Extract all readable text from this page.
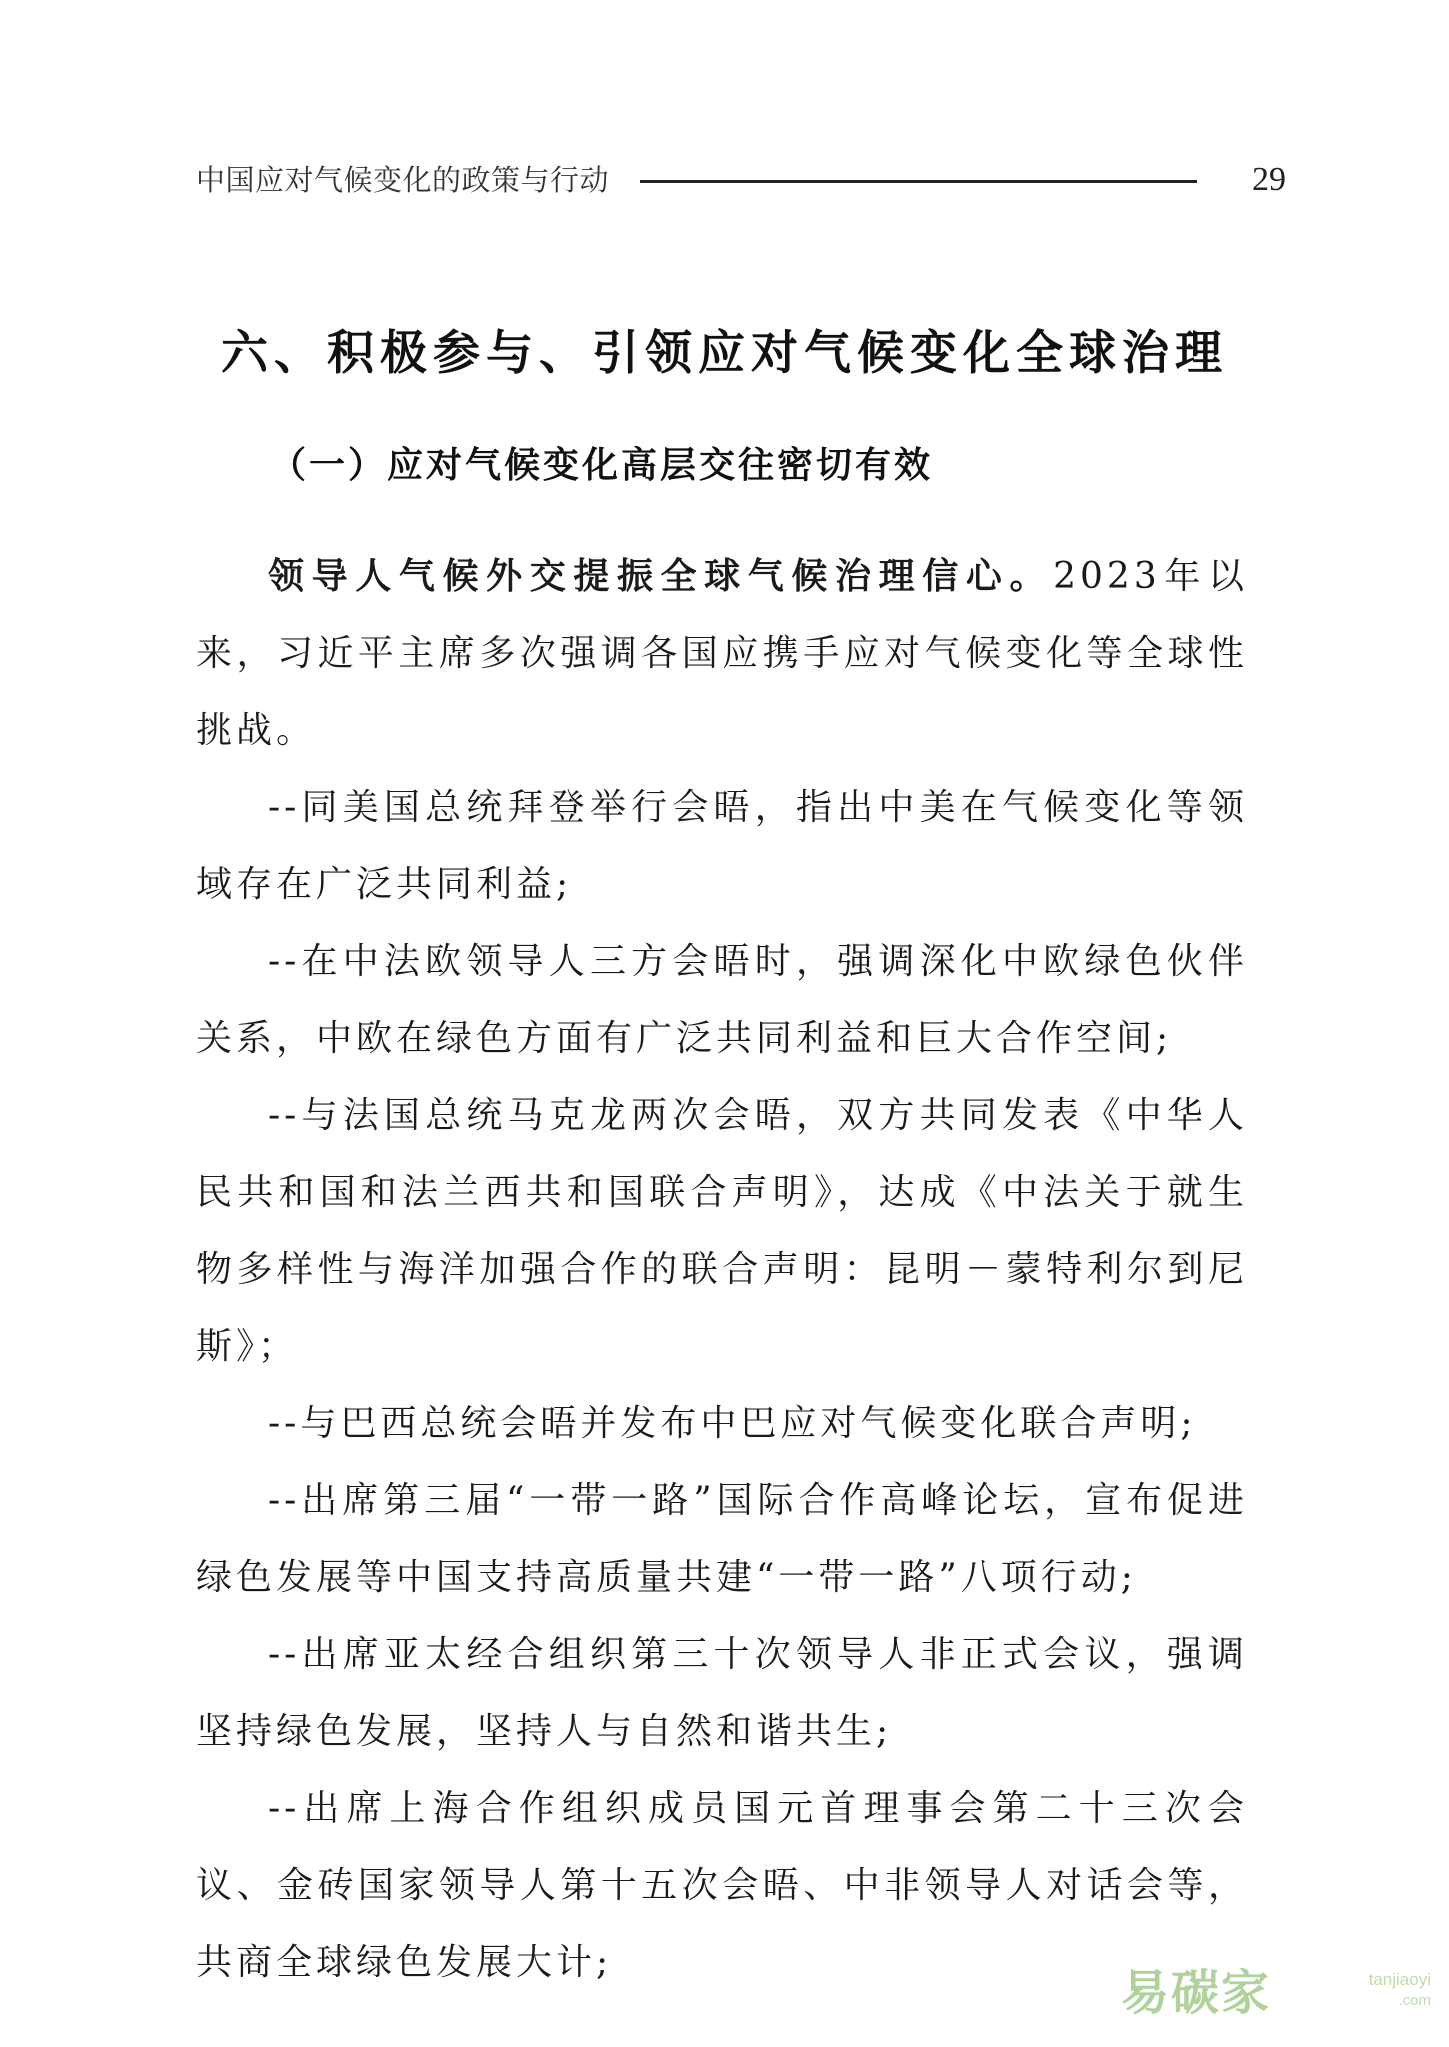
中国应对气候变化的政策与行动	29
六、积极参与、引领应对气候变化全球治理
（一）应对气候变化高层交往密切有效

领导人气候外交提振全球气候治理信心。2023年以来，习近平主席多次强调各国应携手应对气候变化等全球性挑战。

--同美国总统拜登举行会晤，指出中美在气候变化等领域存在广泛共同利益;

--在中法欧领导人三方会晤时，强调深化中欧绿色伙伴关系，中欧在绿色方面有广泛共同利益和巨大合作空间;

--与法国总统马克龙两次会晤，双方共同发表《中华人民共和国和法兰西共和国联合声明》，达成《中法关于就生物多样性与海洋加强合作的联合声明：昆明－蒙特利尔到尼斯》；

--与巴西总统会晤并发布中巴应对气候变化联合声明;

--出席第三届“一带一路”国际合作高峰论坛，宣布促进绿色发展等中国支持高质量共建“一带一路”八项行动;

--出席亚太经合组织第三十次领导人非正式会议，强调坚持绿色发展，坚持人与自然和谐共生;

--出席上海合作组织成员国元首理事会第二十三次会议、金砖国家领导人第十五次会晤、中非领导人对话会等，共商全球绿色发展大计;

易碳家	tanjiaoyi
.com
